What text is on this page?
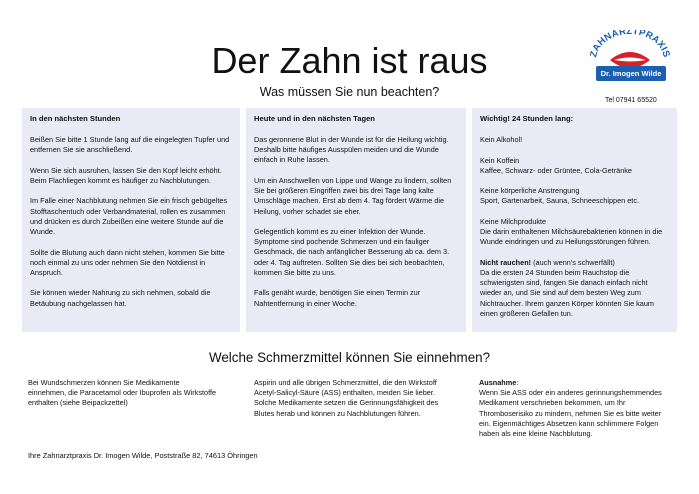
Der Zahn ist raus
Was müssen Sie nun beachten?
AHNARZTPRAXI
Dr. Imogen Wilde
Tel 07941 65520
In den nächsten Stunden

Beißen Sie bitte 1 Stunde lang auf die eingelegten Tupfer und entfernen Sie sie anschließend.

Wenn Sie sich ausruhen, lassen Sie den Kopf leicht erhöht. Beim Flachliegen kommt es häufiger zu Nachblutungen.

Im Falle einer Nachblutung nehmen Sie ein frisch gebügeltes Stofftaschentuch oder Verbandmaterial, rollen es zusammen und drücken es durch Zubeißen eine weitere Stunde auf die Wunde.

Sollte die Blutung auch dann nicht stehen, kommen Sie bitte noch einmal zu uns oder nehmen Sie den Notdienst in Anspruch.

Sie können wieder Nahrung zu sich nehmen, sobald die Betäubung nachgelassen hat.

Heute und in den nächsten Tagen

Das geronnene Blut in der Wunde ist für die Heilung wichtig. Deshalb bitte häufiges Ausspülen meiden und die Wunde einfach in Ruhe lassen.

Um ein Anschwellen von Lippe und Wange zu lindern, sollten Sie bei größeren Eingriffen zwei bis drei Tage lang kalte Umschläge machen. Erst ab dem 4. Tag fördert Wärme die Heilung, vorher schadet sie eher.

Gelegentlich kommt es zu einer Infektion der Wunde. Symptome sind pochende Schmerzen und ein fauliger Geschmack, die nach anfänglicher Besserung ab ca. dem 3. oder 4. Tag auftreten. Sollten Sie dies bei sich beobachten, kommen Sie bitte zu uns.

Falls genäht wurde, benötigen Sie einen Termin zur Nahtentfernung in einer Woche.

Wichtig! 24 Stunden lang:

Kein Alkohol!

Kein Koffein
Kaffee, Schwarz- oder Grüntee, Cola-Getränke

Keine körperliche Anstrengung
Sport, Gartenarbeit, Sauna, Schneeschippen etc.

Keine Milchprodukte
Die darin enthaltenen Milchsäurebakterien können in die Wunde eindringen und zu Heilungsstörungen führen.

Nicht rauchen! (auch wenn's schwerfällt)
Da die ersten 24 Stunden beim Rauchstop die schwierigsten sind, fangen Sie danach einfach nicht wieder an, und Sie sind auf dem besten Weg zum Nichtraucher. Ihrem ganzen Körper könnten Sie kaum einen größeren Gefallen tun.

Welche Schmerzmittel können Sie einnehmen?
Bei Wundschmerzen können Sie Medikamente einnehmen, die Paracetamol oder Ibuprofen als Wirkstoffe enthalten (siehe Beipackzettel)
Aspirin und alle übrigen Schmerzmittel, die den Wirkstoff Acetyl-Salicyl-Säure (ASS) enthalten, meiden Sie lieber. Solche Medikamente setzen die Gerinnungsfähigkeit des Blutes herab und können zu Nachblutungen führen.
Ausnahme:
Wenn Sie ASS oder ein anderes gerinnungshemmendes Medikament verschrieben bekommen, um Ihr Thromboserisiko zu mindern, nehmen Sie es bitte weiter ein. Eigenmächtiges Absetzen kann schlimmere Folgen haben als eine kleine Nachblutung.
Ihre Zahnarztpraxis Dr. Imogen Wilde, Poststraße 82, 74613 Öhringen
